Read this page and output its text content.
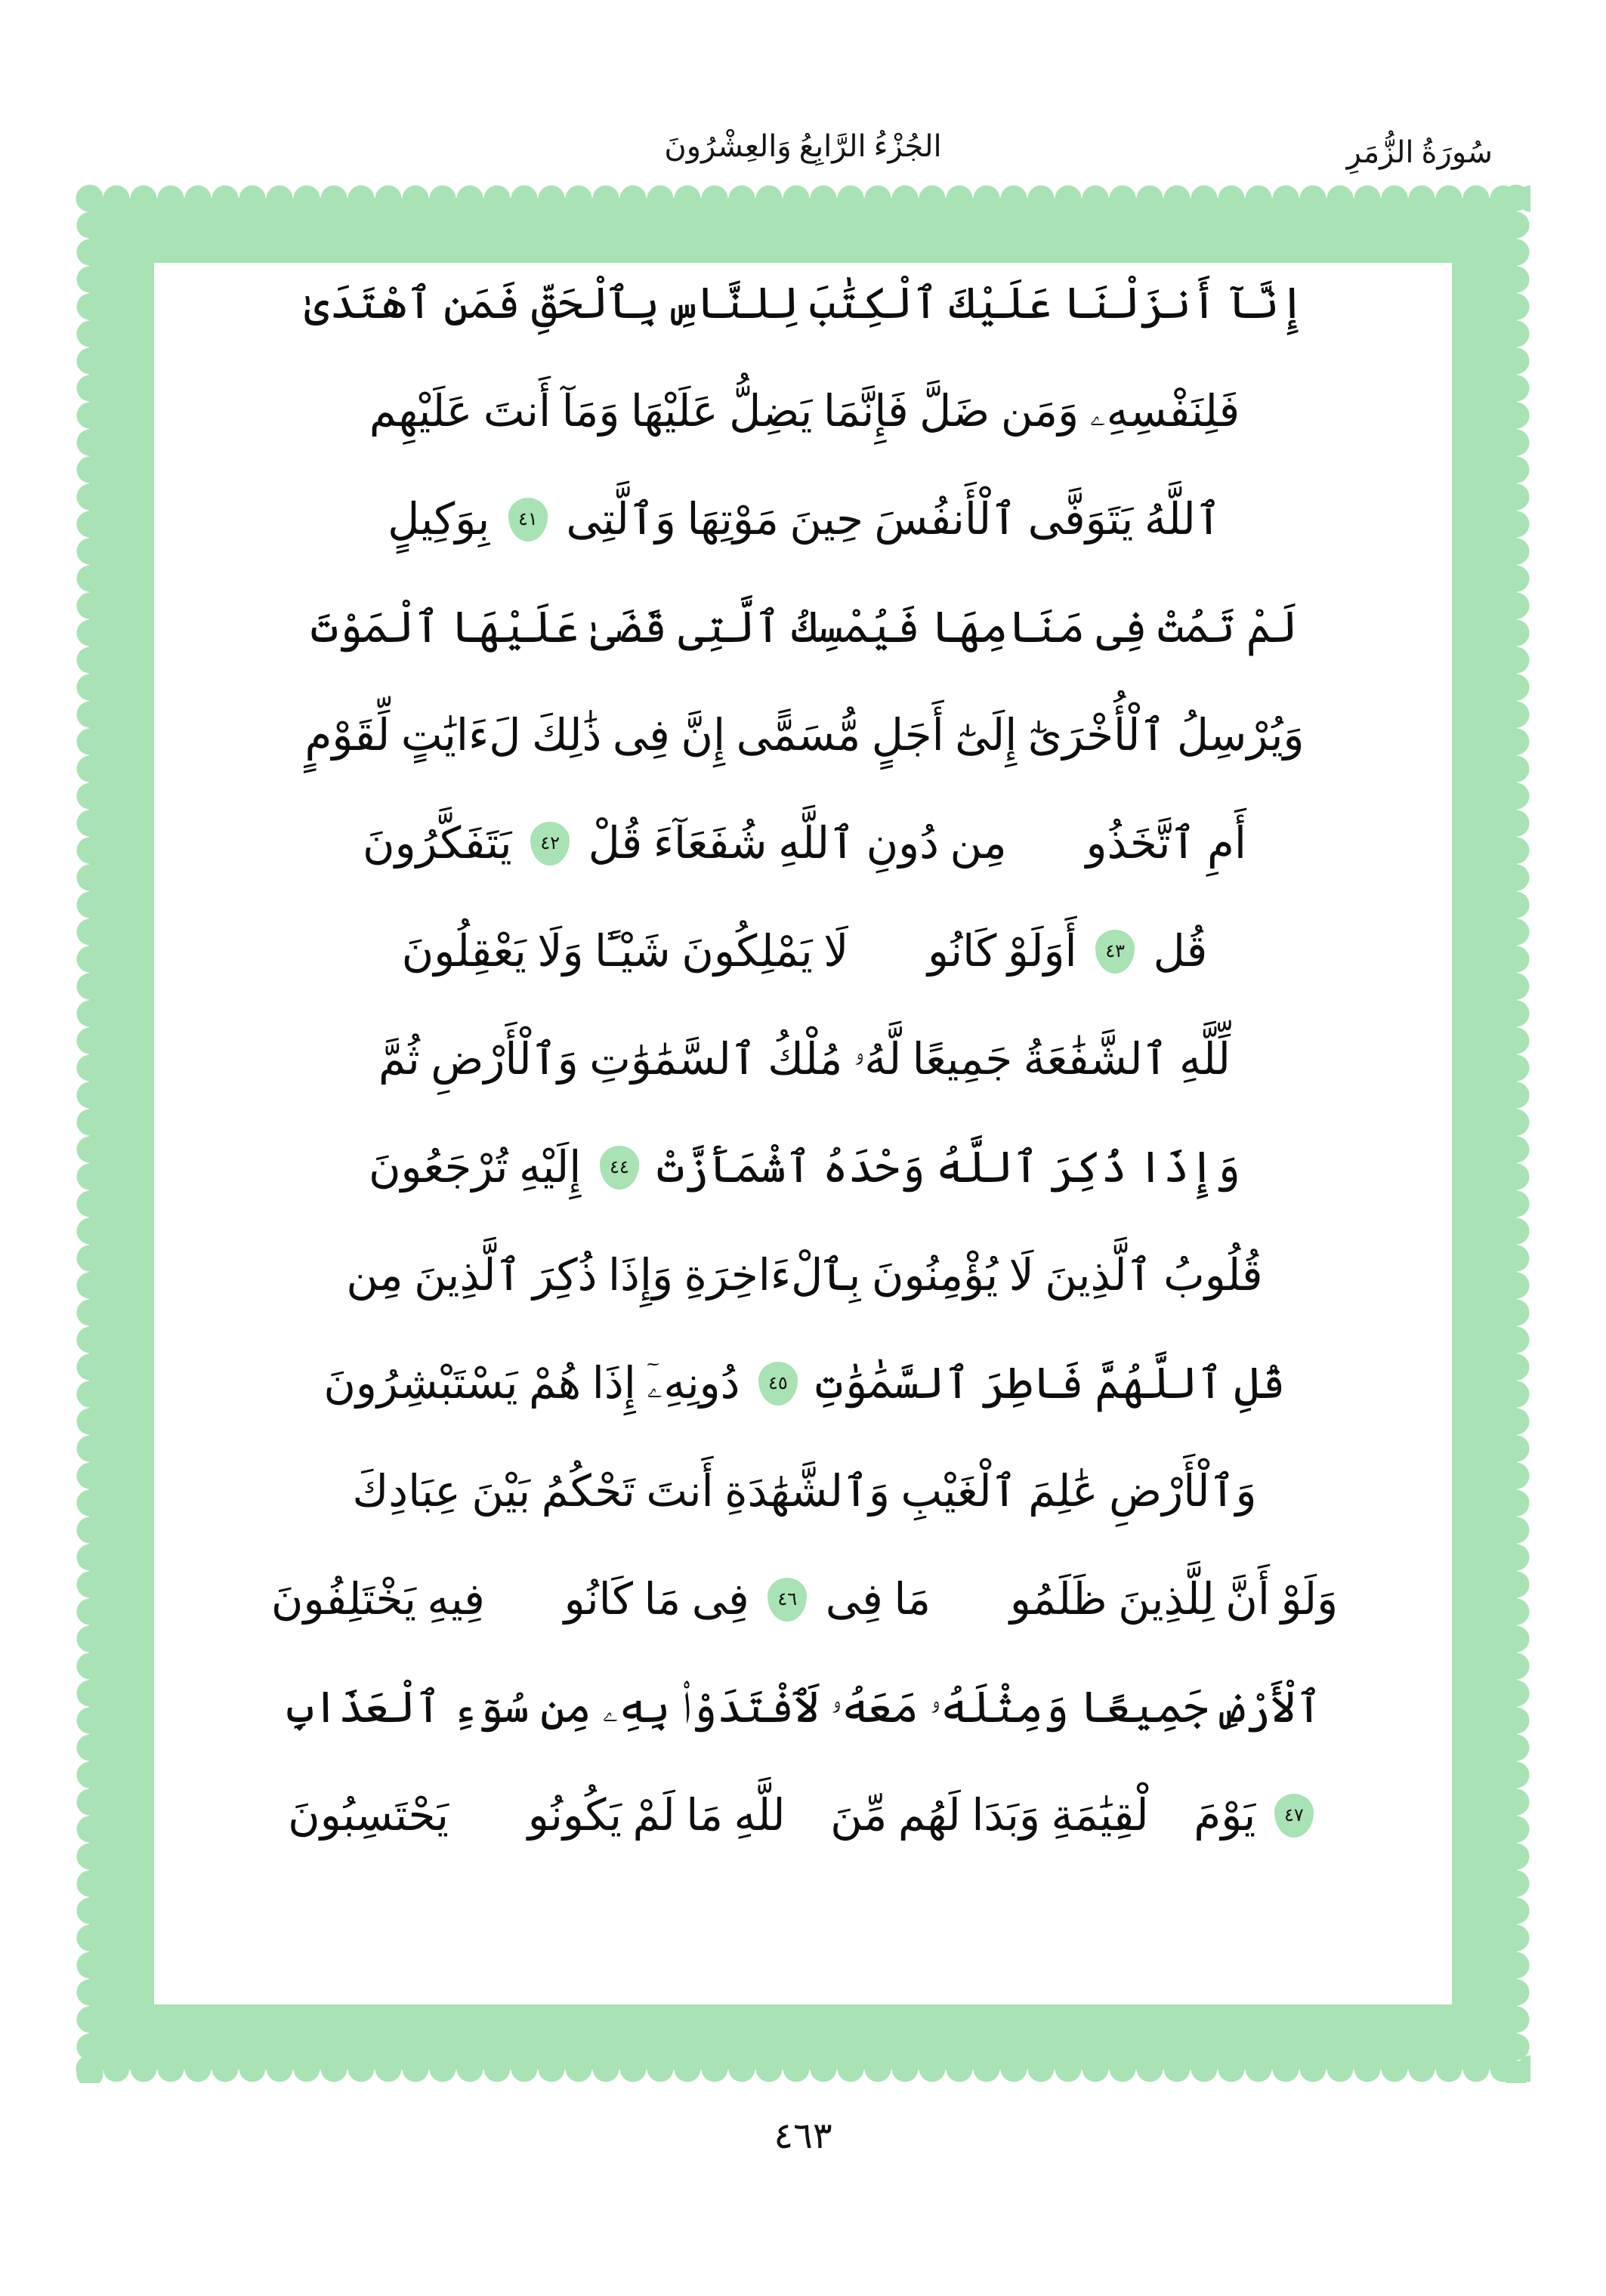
الجُزْءُ الرَّابِعُ وَالعِشْرُونَ	سُورَةُ الزُّمَرِ
إِنَّآ أَنزَلْنَا عَلَيْكَ ٱلْكِتَٰبَ لِلنَّاسِ بِٱلْحَقِّ فَمَنِ ٱهْتَدَىٰ
فَلِنَفْسِهِۦ وَمَن ضَلَّ فَإِنَّمَا يَضِلُّ عَلَيْهَا وَمَآ أَنتَ عَلَيْهِم
ٱللَّهُ يَتَوَفَّى ٱلْأَنفُسَ حِينَ مَوْتِهَا وَٱلَّتِى
٤١
بِوَكِيلٍ
لَمْ تَمُتْ فِى مَنَامِهَا فَيُمْسِكُ ٱلَّتِى قَضَىٰ عَلَيْهَا ٱلْمَوْتَ
وَيُرْسِلُ ٱلْأُخْرَىٰٓ إِلَىٰٓ أَجَلٍ مُّسَمًّى إِنَّ فِى ذَٰلِكَ لَءَايَٰتٍ لِّقَوْمٍ
أَمِ ٱتَّخَذُوا۟ مِن دُونِ ٱللَّهِ شُفَعَآءَ قُلْ
٤٢
يَتَفَكَّرُونَ
قُل
٤٣
أَوَلَوْ كَانُوا۟ لَا يَمْلِكُونَ شَيْـًٔا وَلَا يَعْقِلُونَ
لِّلَّهِ ٱلشَّفَٰعَةُ جَمِيعًا لَّهُۥ مُلْكُ ٱلسَّمَٰوَٰتِ وَٱلْأَرْضِ ثُمَّ
وَإِذَا ذُكِرَ ٱللَّهُ وَحْدَهُ ٱشْمَأَزَّتْ
٤٤
إِلَيْهِ تُرْجَعُونَ
قُلُوبُ ٱلَّذِينَ لَا يُؤْمِنُونَ بِٱلْءَاخِرَةِ وَإِذَا ذُكِرَ ٱلَّذِينَ مِن
قُلِ ٱللَّهُمَّ فَاطِرَ ٱلسَّمَٰوَٰتِ
٤٥
دُونِهِۦٓ إِذَا هُمْ يَسْتَبْشِرُونَ
وَٱلْأَرْضِ عَٰلِمَ ٱلْغَيْبِ وَٱلشَّهَٰدَةِ أَنتَ تَحْكُمُ بَيْنَ عِبَادِكَ
وَلَوْ أَنَّ لِلَّذِينَ ظَلَمُوا۟ مَا فِى
٤٦
فِى مَا كَانُوا۟ فِيهِ يَخْتَلِفُونَ
ٱلْأَرْضِ جَمِيعًا وَمِثْلَهُۥ مَعَهُۥ لَٱفْتَدَوْا۟ بِهِۦ مِن سُوٓءِ ٱلْعَذَابِ
٤٧
يَوْمَ ٱلْقِيَٰمَةِ وَبَدَا لَهُم مِّنَ ٱللَّهِ مَا لَمْ يَكُونُوا۟ يَحْتَسِبُونَ
٤٦٣
